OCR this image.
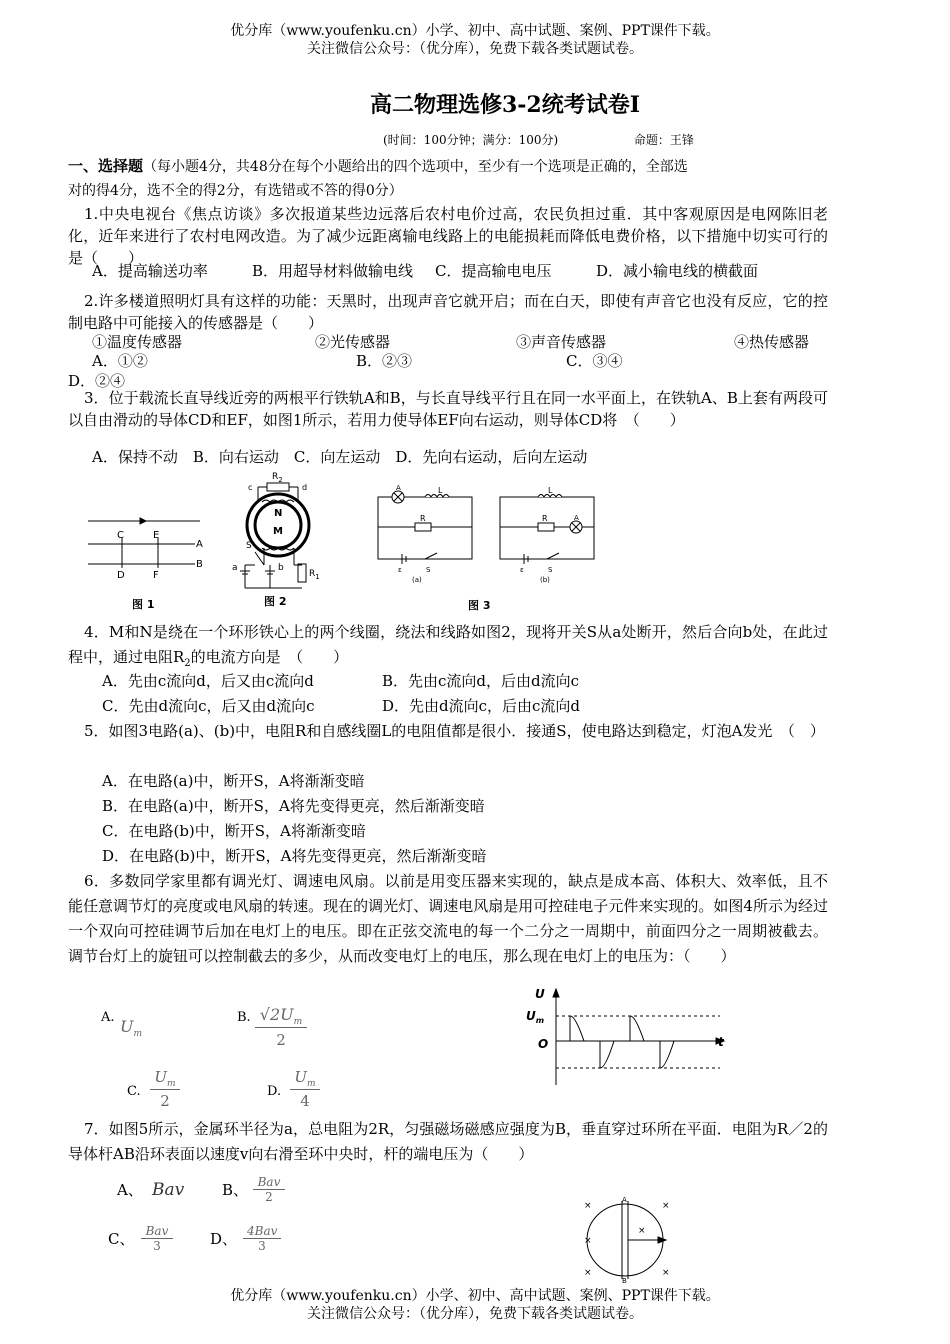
优分库（www.youfenku.cn）小学、初中、高中试题、案例、PPT课件下载。
关注微信公众号：（优分库），免费下载各类试题试卷。
高二物理选修3-2统考试卷Ⅰ
(时间：100分钟；满分：100分)	命题：王锋
一、选择题（每小题4分，共48分在每个小题给出的四个选项中，至少有一个选项是正确的，全部选
对的得4分，选不全的得2分，有选错或不答的得0分）
1.中央电视台《焦点访谈》多次报道某些边远落后农村电价过高，农民负担过重．其中客观原因是电网陈旧老化，近年来进行了农村电网改造。为了减少远距离输电线路上的电能损耗而降低电费价格，以下措施中切实可行的是（　　）
A．提高输送功率	B．用超导材料做输电线 C．提高输电电压	D．减小输电线的横截面
2.许多楼道照明灯具有这样的功能：天黑时，出现声音它就开启；而在白天，即使有声音它也没有反应，它的控制电路中可能接入的传感器是（　　）
①温度传感器	②光传感器	③声音传感器	④热传感器
A．①②	B．②③	C．③④
D．②④
3．位于载流长直导线近旁的两根平行铁轨A和B，与长直导线平行且在同一水平面上，在铁轨A、B上套有两段可以自由滑动的导体CD和EF，如图1所示，若用力使导体EF向右运动，则导体CD将　（　　）
A．保持不动　B．向右运动　C．向左运动　D．先向右运动，后向左运动
C	E
D	F
A
B
图 1
$R_2$
c	d
N
M
S
a	b
$R_1$
图 2
A	L
R
ε	S
(a)
L
R	A
ε	S
(b)
图 3
4．M和N是绕在一个环形铁心上的两个线圈，绕法和线路如图2，现将开关S从a处断开，然后合向b处，在此过程中，通过电阻$R_2$的电流方向是　（　　）
A．先由c流向d，后又由c流向d	B．先由c流向d，后由d流向c
C．先由d流向c，后又由d流向c	D．先由d流向c，后由c流向d
5．如图3电路(a)、(b)中，电阻R和自感线圈L的电阻值都是很小．接通S，使电路达到稳定，灯泡A发光　（　）
A．在电路(a)中，断开S，A将渐渐变暗
B．在电路(a)中，断开S，A将先变得更亮，然后渐渐变暗
C．在电路(b)中，断开S，A将渐渐变暗
D．在电路(b)中，断开S，A将先变得更亮，然后渐渐变暗
6．多数同学家里都有调光灯、调速电风扇。以前是用变压器来实现的，缺点是成本高、体积大、效率低，且不能任意调节灯的亮度或电风扇的转速。现在的调光灯、调速电风扇是用可控硅电子元件来实现的。如图4所示为经过一个双向可控硅调节后加在电灯上的电压。即在正弦交流电的每一个二分之一周期中，前面四分之一周期被截去。调节台灯上的旋钮可以控制截去的多少，从而改变电灯上的电压，那么现在电灯上的电压为：（　　）
A. $U_m$
B. $\frac{√2U_m}{2}$
C. $\frac{U_m}{2}$	D. $\frac{U_m}{4}$
U
$U_m$
O	t
7．如图5所示，金属环半径为a，总电阻为2R，匀强磁场磁感应强度为B，垂直穿过环所在平面．电阻为R／2的导体杆AB沿环表面以速度v向右滑至环中央时，杆的端电压为（　　）
A、 Bav	B、 Bav
2
C、 Bav
3	D、 4Bav
3
A
B
×	×
×
×	×
×
优分库（www.youfenku.cn）小学、初中、高中试题、案例、PPT课件下载。
关注微信公众号：（优分库），免费下载各类试题试卷。
